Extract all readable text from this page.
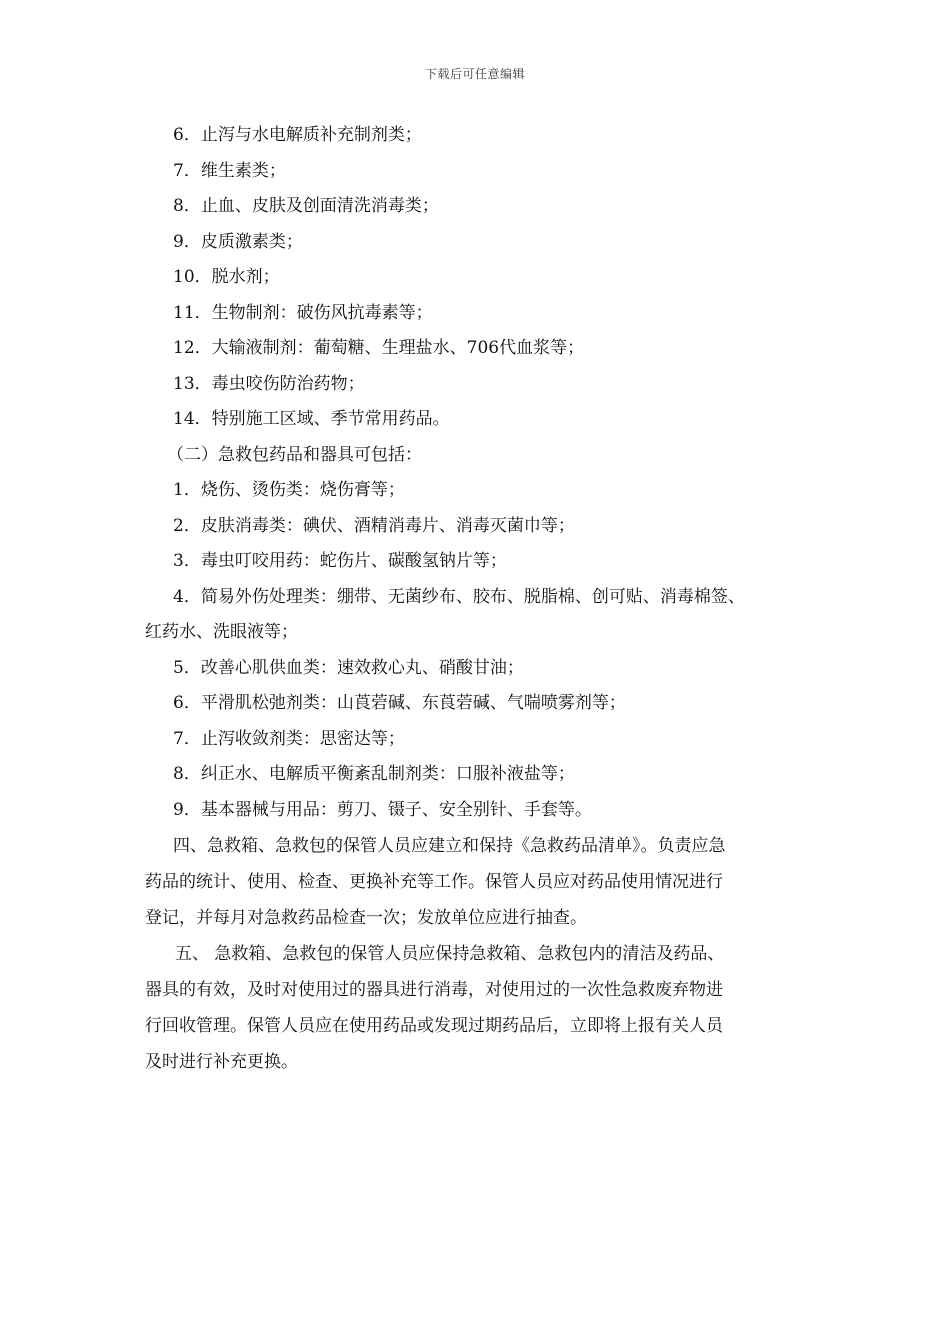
下载后可任意编辑
6．止泻与水电解质补充制剂类；
7．维生素类；
8．止血、皮肤及创面清洗消毒类；
9．皮质激素类；
10．脱水剂；
11．生物制剂：破伤风抗毒素等；
12．大输液制剂：葡萄糖、生理盐水、706代血浆等；
13．毒虫咬伤防治药物；
14．特别施工区域、季节常用药品。
（二）急救包药品和器具可包括：
1．烧伤、烫伤类：烧伤膏等；
2．皮肤消毒类：碘伏、酒精消毒片、消毒灭菌巾等；
3．毒虫叮咬用药：蛇伤片、碳酸氢钠片等；
4．简易外伤处理类：绷带、无菌纱布、胶布、脱脂棉、创可贴、消毒棉签、
红药水、洗眼液等；
5．改善心肌供血类：速效救心丸、硝酸甘油；
6．平滑肌松弛剂类：山莨菪碱、东莨菪碱、气喘喷雾剂等；
7．止泻收敛剂类：思密达等；
8．纠正水、电解质平衡紊乱制剂类：口服补液盐等；
9．基本器械与用品：剪刀、镊子、安全别针、手套等。

四、急救箱、急救包的保管人员应建立和保持《急救药品清单》。负责应急
药品的统计、使用、检查、更换补充等工作。保管人员应对药品使用情况进行
登记，并每月对急救药品检查一次；发放单位应进行抽查。

五、 急救箱、急救包的保管人员应保持急救箱、急救包内的清洁及药品、
器具的有效，及时对使用过的器具进行消毒，对使用过的一次性急救废弃物进
行回收管理。保管人员应在使用药品或发现过期药品后，立即将上报有关人员
及时进行补充更换。
